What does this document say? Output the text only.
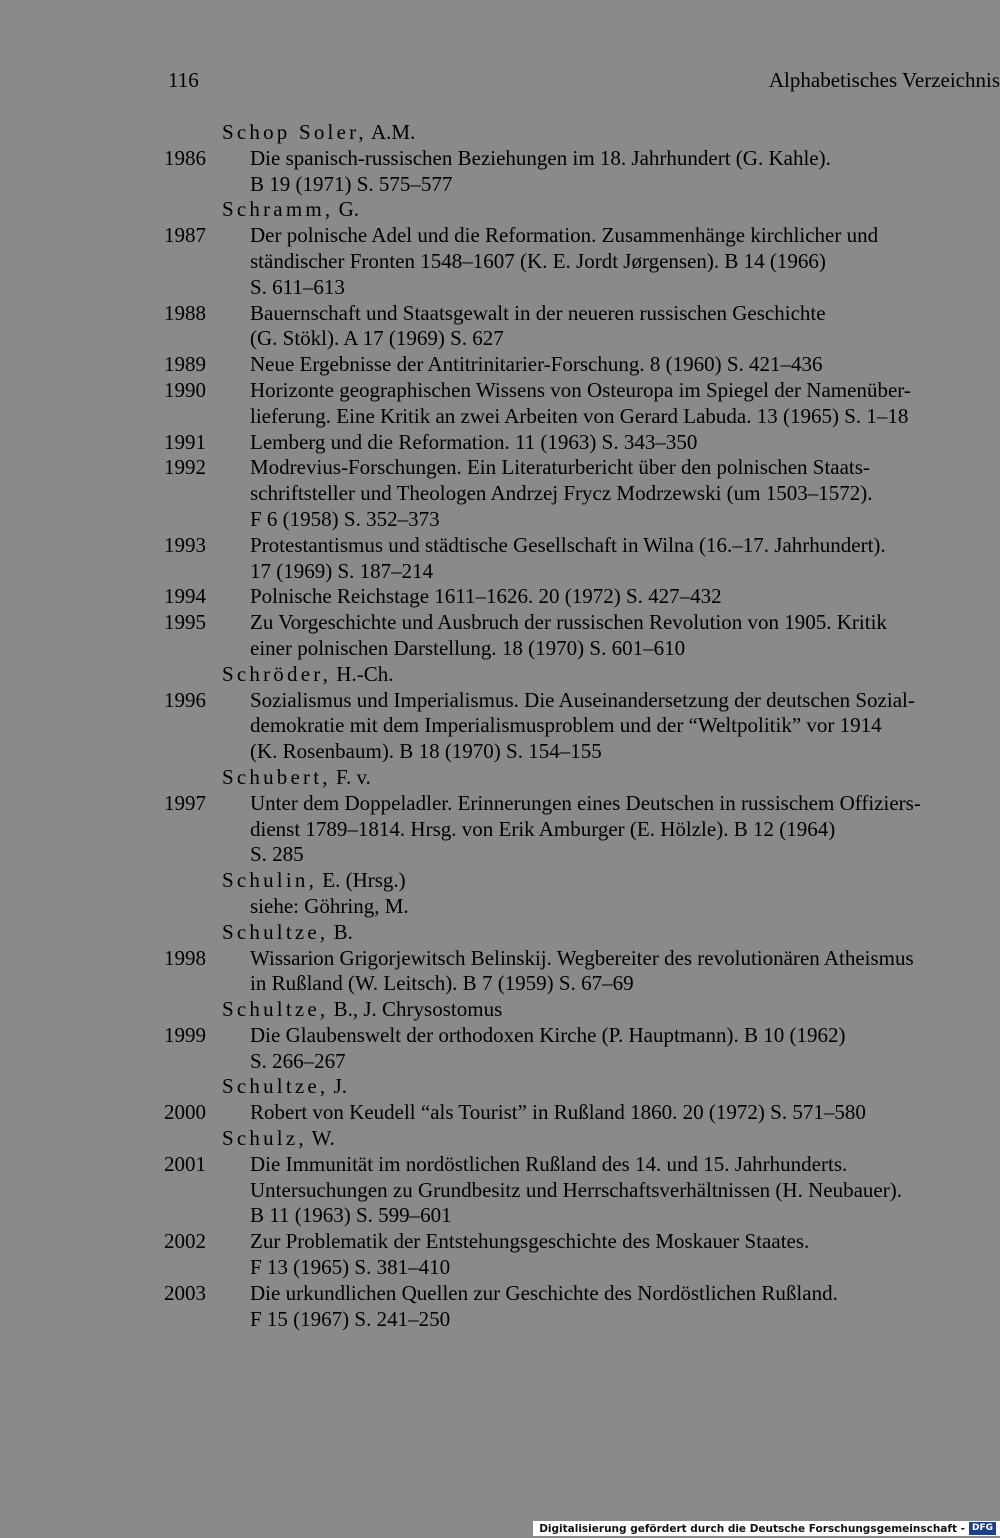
116	Alphabetisches Verzeichnis
Schop Soler, A.M.
1986 Die spanisch-russischen Beziehungen im 18. Jahrhundert (G. Kahle).
B 19 (1971) S. 575–577
Schramm, G.
1987 Der polnische Adel und die Reformation. Zusammenhänge kirchlicher und
ständischer Fronten 1548–1607 (K. E. Jordt Jørgensen). B 14 (1966)
S. 611–613
1988 Bauernschaft und Staatsgewalt in der neueren russischen Geschichte
(G. Stökl). A 17 (1969) S. 627
1989 Neue Ergebnisse der Antitrinitarier-Forschung. 8 (1960) S. 421–436
1990 Horizonte geographischen Wissens von Osteuropa im Spiegel der Namenüber-
lieferung. Eine Kritik an zwei Arbeiten von Gerard Labuda. 13 (1965) S. 1–18
1991 Lemberg und die Reformation. 11 (1963) S. 343–350
1992 Modrevius-Forschungen. Ein Literaturbericht über den polnischen Staats-
schriftsteller und Theologen Andrzej Frycz Modrzewski (um 1503–1572).
F 6 (1958) S. 352–373
1993 Protestantismus und städtische Gesellschaft in Wilna (16.–17. Jahrhundert).
17 (1969) S. 187–214
1994 Polnische Reichstage 1611–1626. 20 (1972) S. 427–432
1995 Zu Vorgeschichte und Ausbruch der russischen Revolution von 1905. Kritik
einer polnischen Darstellung. 18 (1970) S. 601–610
Schröder, H.-Ch.
1996 Sozialismus und Imperialismus. Die Auseinandersetzung der deutschen Sozial-
demokratie mit dem Imperialismusproblem und der “Weltpolitik” vor 1914
(K. Rosenbaum). B 18 (1970) S. 154–155
Schubert, F. v.
1997 Unter dem Doppeladler. Erinnerungen eines Deutschen in russischem Offiziers-
dienst 1789–1814. Hrsg. von Erik Amburger (E. Hölzle). B 12 (1964)
S. 285
Schulin, E. (Hrsg.)
siehe: Göhring, M.
Schultze, B.
1998 Wissarion Grigorjewitsch Belinskij. Wegbereiter des revolutionären Atheismus
in Rußland (W. Leitsch). B 7 (1959) S. 67–69
Schultze, B., J. Chrysostomus
1999 Die Glaubenswelt der orthodoxen Kirche (P. Hauptmann). B 10 (1962)
S. 266–267
Schultze, J.
2000 Robert von Keudell “als Tourist” in Rußland 1860. 20 (1972) S. 571–580
Schulz, W.
2001 Die Immunität im nordöstlichen Rußland des 14. und 15. Jahrhunderts.
Untersuchungen zu Grundbesitz und Herrschaftsverhältnissen (H. Neubauer).
B 11 (1963) S. 599–601
2002 Zur Problematik der Entstehungsgeschichte des Moskauer Staates.
F 13 (1965) S. 381–410
2003 Die urkundlichen Quellen zur Geschichte des Nordöstlichen Rußland.
F 15 (1967) S. 241–250
Digitalisierung gefördert durch die Deutsche Forschungsgemeinschaft - DFG
